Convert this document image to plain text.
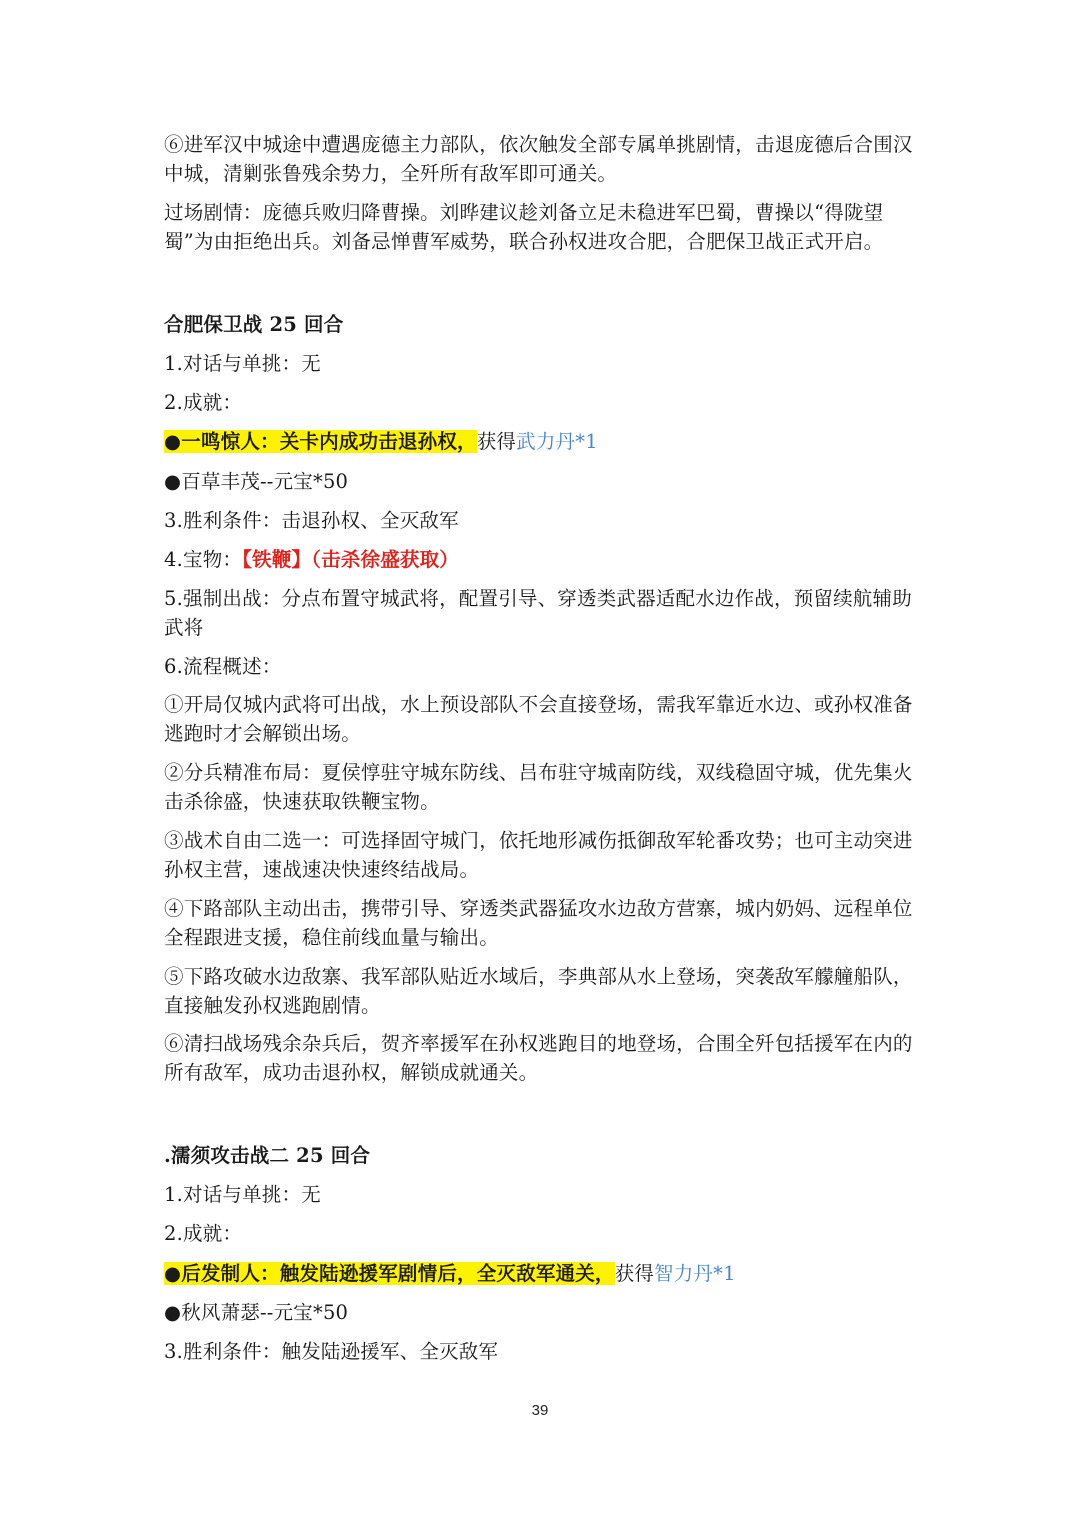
⑥进军汉中城途中遭遇庞德主力部队，依次触发全部专属单挑剧情，击退庞德后合围汉中城，清剿张鲁残余势力，全歼所有敌军即可通关。
过场剧情：庞德兵败归降曹操。刘晔建议趁刘备立足未稳进军巴蜀，曹操以“得陇望蜀”为由拒绝出兵。刘备忌惮曹军威势，联合孙权进攻合肥，合肥保卫战正式开启。
合肥保卫战 25 回合
1.对话与单挑：无
2.成就：
●一鸣惊人：关卡内成功击退孙权，获得武力丹*1
●百草丰茂--元宝*50
3.胜利条件：击退孙权、全灭敌军
4.宝物：【铁鞭】（击杀徐盛获取）
5.强制出战：分点布置守城武将，配置引导、穿透类武器适配水边作战，预留续航辅助武将
6.流程概述：
①开局仅城内武将可出战，水上预设部队不会直接登场，需我军靠近水边、或孙权准备逃跑时才会解锁出场。
②分兵精准布局：夏侯惇驻守城东防线、吕布驻守城南防线，双线稳固守城，优先集火击杀徐盛，快速获取铁鞭宝物。
③战术自由二选一：可选择固守城门，依托地形减伤抵御敌军轮番攻势；也可主动突进孙权主营，速战速决快速终结战局。
④下路部队主动出击，携带引导、穿透类武器猛攻水边敌方营寨，城内奶妈、远程单位全程跟进支援，稳住前线血量与输出。
⑤下路攻破水边敌寨、我军部队贴近水域后，李典部从水上登场，突袭敌军艨艟船队，直接触发孙权逃跑剧情。
⑥清扫战场残余杂兵后，贺齐率援军在孙权逃跑目的地登场，合围全歼包括援军在内的所有敌军，成功击退孙权，解锁成就通关。
.濡须攻击战二 25 回合
1.对话与单挑：无
2.成就：
●后发制人：触发陆逊援军剧情后，全灭敌军通关，获得智力丹*1
●秋风萧瑟--元宝*50
3.胜利条件：触发陆逊援军、全灭敌军
39
